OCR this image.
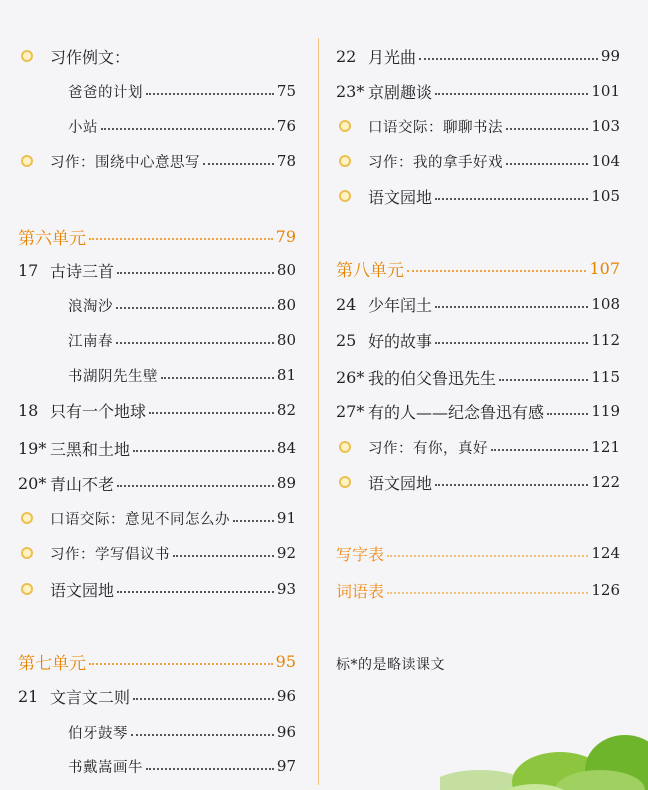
习作例文：
爸爸的计划	75
小站	76
习作：围绕中心意思写	78
第六单元	79
17 古诗三首	80
浪淘沙	80
江南春	80
书湖阴先生壁	81
18 只有一个地球	82
19* 三黑和土地	84
20* 青山不老	89
口语交际：意见不同怎么办	91
习作：学写倡议书	92
语文园地	93
第七单元	95
21 文言文二则	96
伯牙鼓琴	96
书戴嵩画牛	97
22 月光曲	99
23* 京剧趣谈	101
口语交际：聊聊书法	103
习作：我的拿手好戏	104
语文园地	105
第八单元	107
24 少年闰土	108
25 好的故事	112
26* 我的伯父鲁迅先生	115
27* 有的人——纪念鲁迅有感	119
习作：有你，真好	121
语文园地	122
写字表	124
词语表	126
标*的是略读课文
